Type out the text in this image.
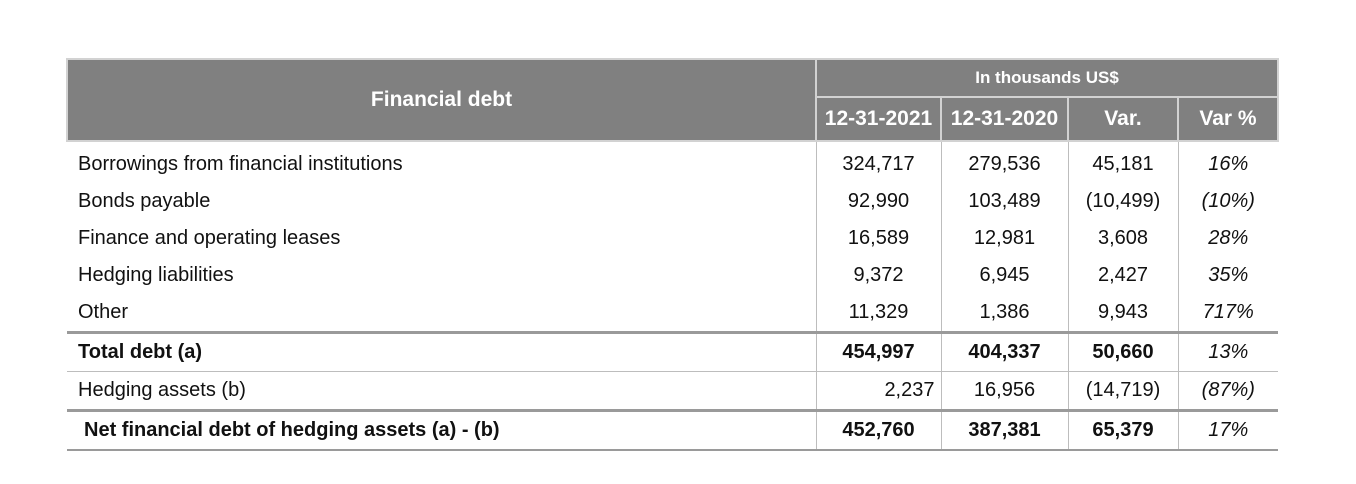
Financial debt	In thousands US$			
	12-31-2021	12-31-2020	Var.	Var %
Borrowings from financial institutions	324,717	279,536	45,181	16%
Bonds payable	92,990	103,489	(10,499)	(10%)
Finance and operating leases	16,589	12,981	3,608	28%
Hedging liabilities	9,372	6,945	2,427	35%
Other	11,329	1,386	9,943	717%
Total debt (a)	454,997	404,337	50,660	13%
Hedging assets (b)	2,237	16,956	(14,719)	(87%)
Net financial debt of hedging assets (a) - (b)	452,760	387,381	65,379	17%
